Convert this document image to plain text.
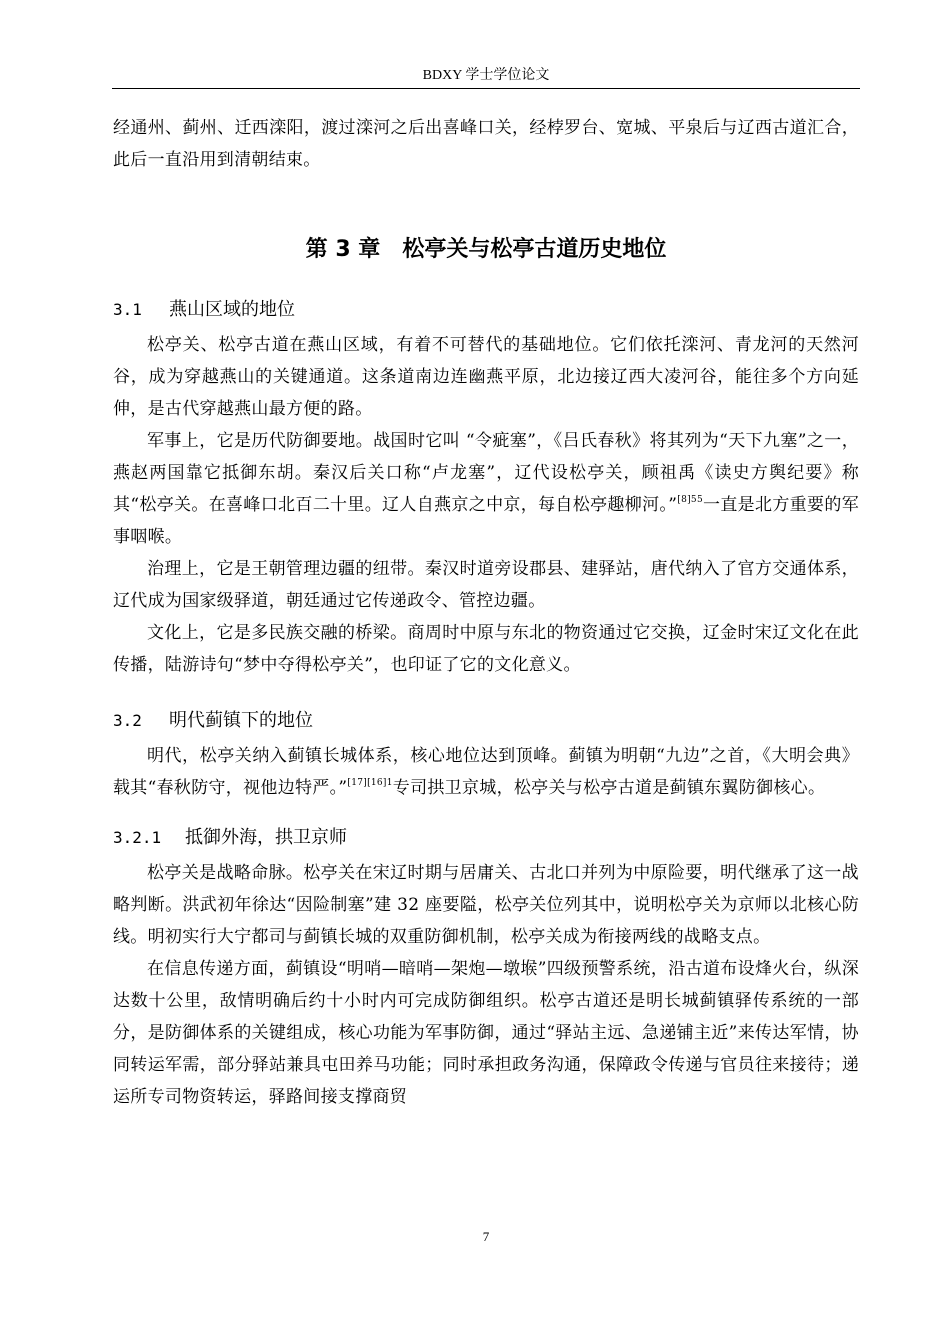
BDXY 学士学位论文

经通州、蓟州、迁西滦阳，渡过滦河之后出喜峰口关，经桲罗台、宽城、平泉后与辽西古道汇合，此后一直沿用到清朝结束。

第 3 章 松亭关与松亭古道历史地位
3.1 燕山区域的地位

松亭关、松亭古道在燕山区域，有着不可替代的基础地位。它们依托滦河、青龙河的天然河谷，成为穿越燕山的关键通道。这条道南边连幽燕平原，北边接辽西大凌河谷，能往多个方向延伸，是古代穿越燕山最方便的路。

军事上，它是历代防御要地。战国时它叫 “令疵塞”，《吕氏春秋》将其列为“天下九塞”之一，燕赵两国靠它抵御东胡。秦汉后关口称“卢龙塞”，辽代设松亭关，顾祖禹《读史方舆纪要》称其“松亭关。在喜峰口北百二十里。辽人自燕京之中京，每自松亭趣柳河。”$^{[8]55}$一直是北方重要的军事咽喉。

治理上，它是王朝管理边疆的纽带。秦汉时道旁设郡县、建驿站，唐代纳入了官方交通体系，辽代成为国家级驿道，朝廷通过它传递政令、管控边疆。

文化上，它是多民族交融的桥梁。商周时中原与东北的物资通过它交换，辽金时宋辽文化在此传播，陆游诗句“梦中夺得松亭关”，也印证了它的文化意义。

3.2 明代蓟镇下的地位

明代，松亭关纳入蓟镇长城体系，核心地位达到顶峰。蓟镇为明朝“九边”之首，《大明会典》载其“春秋防守，视他边特严。”$^{[17][16]1}$专司拱卫京城，松亭关与松亭古道是蓟镇东翼防御核心。

3.2.1 抵御外海，拱卫京师

松亭关是战略命脉。松亭关在宋辽时期与居庸关、古北口并列为中原险要，明代继承了这一战略判断。洪武初年徐达“因险制塞”建 32 座要隘，松亭关位列其中，说明松亭关为京师以北核心防线。明初实行大宁都司与蓟镇长城的双重防御机制，松亭关成为衔接两线的战略支点。

在信息传递方面，蓟镇设“明哨—暗哨—架炮—墩堠”四级预警系统，沿古道布设烽火台，纵深达数十公里，敌情明确后约十小时内可完成防御组织。松亭古道还是明长城蓟镇驿传系统的一部分，是防御体系的关键组成，核心功能为军事防御，通过“驿站主远、急递铺主近”来传达军情，协同转运军需，部分驿站兼具屯田养马功能；同时承担政务沟通，保障政令传递与官员往来接待；递运所专司物资转运，驿路间接支撑商贸

7
